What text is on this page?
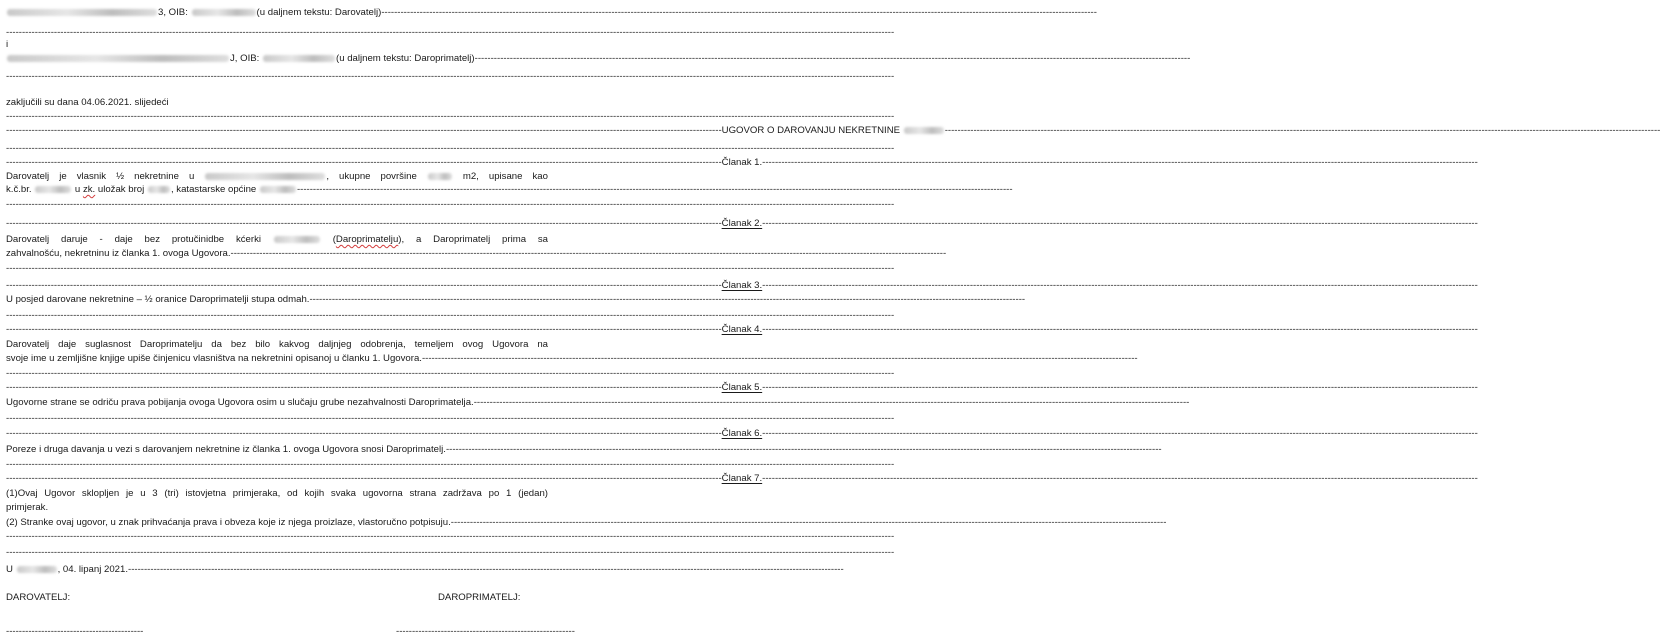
3, OIB:	(u daljnem tekstu: Darovatelj)
-----
-----
i
J, OIB:	(u daljnem tekstu: Daroprimatelj)
-----
-----
zaključili su dana 04.06.2021. slijedeći
-----
-----
UGOVOR O DAROVANJU NEKRETNINE
-----
-----
-----
Članak 1.
-----
Darovatelj je vlasnik ½ nekretnine u	, ukupne površine	m2, upisane kao
k.č.br.	u zk. uložak broj	, katastarske općine
-----
-----
-----
Članak 2.
-----
Darovatelj daruje - daje bez protučinidbe kćerki	(Daroprimatelju), a Daroprimatelj prima sa
zahvalnošću, nekretninu iz članka 1. ovoga Ugovora.
-----
-----
-----
Članak 3.
-----
U posjed darovane nekretnine – ½ oranice Daroprimatelji stupa odmah.
-----
-----
-----
Članak 4.
-----
Darovatelj daje suglasnost Daroprimatelju da bez bilo kakvog daljnjeg odobrenja, temeljem ovog Ugovora na
svoje ime u zemljišne knjige upiše činjenicu vlasništva na nekretnini opisanoj u članku 1. Ugovora.
-----
-----
-----
Članak 5.
-----
Ugovorne strane se odriču prava pobijanja ovoga Ugovora osim u slučaju grube nezahvalnosti Daroprimatelja.
-----
-----
-----
Članak 6.
-----
Poreze i druga davanja u vezi s darovanjem nekretnine iz članka 1. ovoga Ugovora snosi Daroprimatelj.
-----
-----
-----
Članak 7.
-----
(1)Ovaj Ugovor sklopljen je u 3 (tri) istovjetna primjeraka, od kojih svaka ugovorna strana zadržava po 1 (jedan)
primjerak.
(2) Stranke ovaj ugovor, u znak prihvaćanja prava i obveza koje iz njega proizlaze, vlastoručno potpisuju.
-----
-----
-----
U	, 04. lipanj 2021.
-----
DAROVATELJ:	DAROPRIMATELJ:
-------------------------------------------	--------------------------------------------------------
